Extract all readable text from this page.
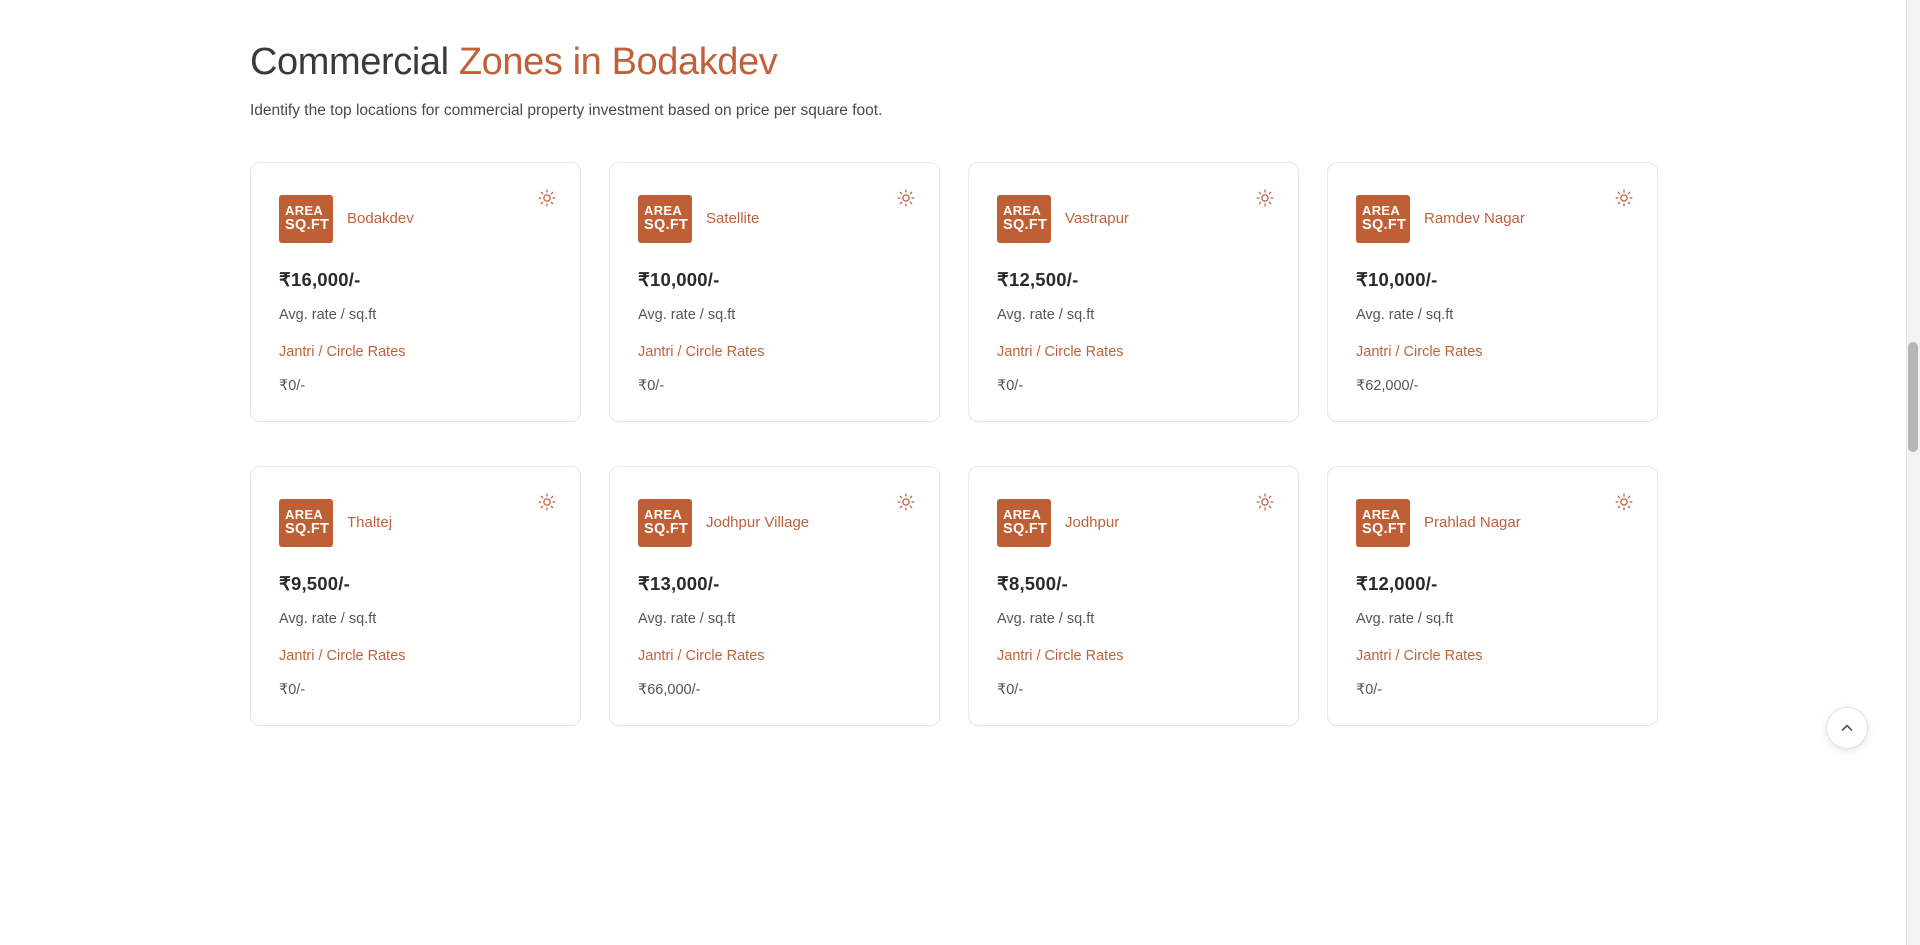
Commercial Zones in Bodakdev

Identify the top locations for commercial property investment based on price per square foot.

AREA
SQ.FT Bodakdev
₹16,000/-
Avg. rate / sq.ft
Jantri / Circle Rates
₹0/-
AREA
SQ.FT Satellite
₹10,000/-
Avg. rate / sq.ft
Jantri / Circle Rates
₹0/-
AREA
SQ.FT Vastrapur
₹12,500/-
Avg. rate / sq.ft
Jantri / Circle Rates
₹0/-
AREA
SQ.FT Ramdev Nagar
₹10,000/-
Avg. rate / sq.ft
Jantri / Circle Rates
₹62,000/-
AREA
SQ.FT Thaltej
₹9,500/-
Avg. rate / sq.ft
Jantri / Circle Rates
₹0/-
AREA
SQ.FT Jodhpur Village
₹13,000/-
Avg. rate / sq.ft
Jantri / Circle Rates
₹66,000/-
AREA
SQ.FT Jodhpur
₹8,500/-
Avg. rate / sq.ft
Jantri / Circle Rates
₹0/-
AREA
SQ.FT Prahlad Nagar
₹12,000/-
Avg. rate / sq.ft
Jantri / Circle Rates
₹0/-
